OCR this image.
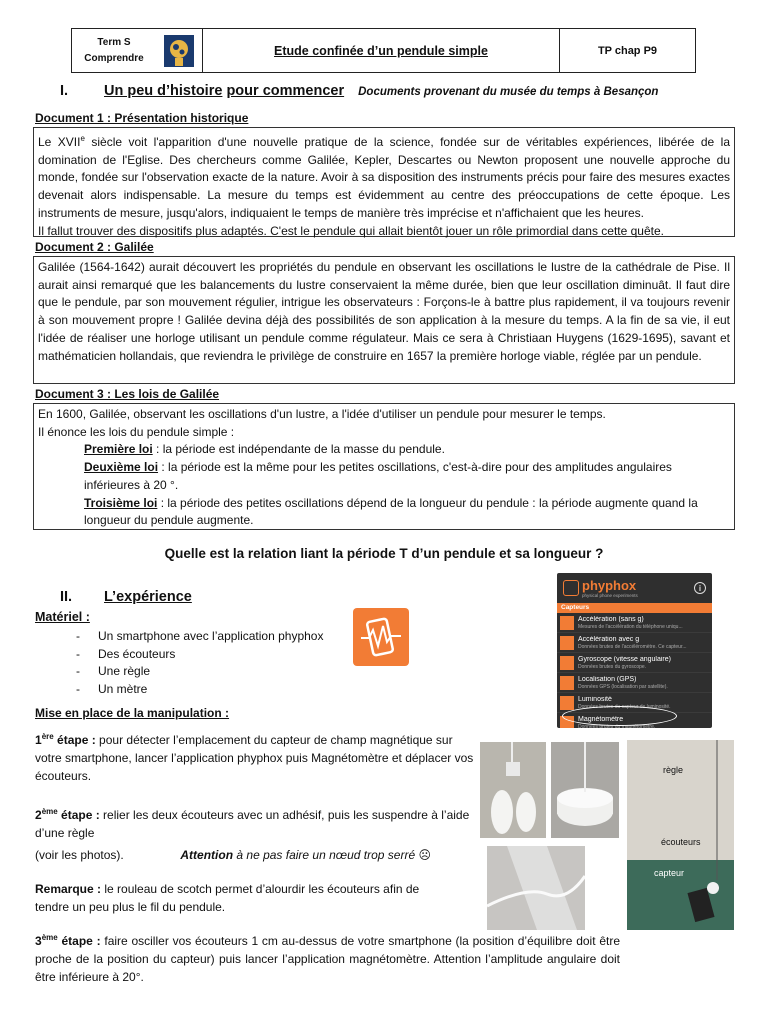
Term S
Comprendre
Etude confinée d’un pendule simple	TP chap P9
I. Un peu d’histoire pour commencer Documents provenant du musée du temps à Besançon
Document 1 : Présentation historique
Le XVIIe siècle voit l'apparition d'une nouvelle pratique de la science, fondée sur de véritables expériences, libérée de la domination de l'Eglise. Des chercheurs comme Galilée, Kepler, Descartes ou Newton proposent une nouvelle approche du monde, fondée sur l'observation exacte de la nature. Avoir à sa disposition des instruments précis pour faire des mesures exactes devenait alors indispensable. La mesure du temps est évidemment au centre des préoccupations de cette époque. Les instruments de mesure, jusqu'alors, indiquaient le temps de manière très imprécise et n'affichaient que les heures.
Il fallut trouver des dispositifs plus adaptés. C'est le pendule qui allait bientôt jouer un rôle primordial dans cette quête.
Document 2 : Galilée
Galilée (1564-1642) aurait découvert les propriétés du pendule en observant les oscillations le lustre de la cathédrale de Pise. Il aurait ainsi remarqué que les balancements du lustre conservaient la même durée, bien que leur oscillation diminuât. Il faut dire que le pendule, par son mouvement régulier, intrigue les observateurs : Forçons-le à battre plus rapidement, il va toujours revenir à son mouvement propre ! Galilée devina déjà des possibilités de son application à la mesure du temps. A la fin de sa vie, il eut l'idée de réaliser une horloge utilisant un pendule comme régulateur. Mais ce sera à Christiaan Huygens (1629-1695), savant et mathématicien hollandais, que reviendra le privilège de construire en 1657 la première horloge viable, réglée par un pendule.
Document 3 : Les lois de Galilée
En 1600, Galilée, observant les oscillations d'un lustre, a l'idée d'utiliser un pendule pour mesurer le temps.
Il énonce les lois du pendule simple :
Première loi : la période est indépendante de la masse du pendule.
Deuxième loi : la période est la même pour les petites oscillations, c'est-à-dire pour des amplitudes angulaires inférieures à 20 °.
Troisième loi : la période des petites oscillations dépend de la longueur du pendule : la période augmente quand la longueur du pendule augmente.
Quelle est la relation liant la période T d’un pendule et sa longueur ?
II. L’expérience
Matériel :
- Un smartphone avec l’application phyphox
- Des écouteurs
- Une règle
- Un mètre
phyphox
physical phone experiments
i
Capteurs
Accélération (sans g)
Mesures de l'accélération du téléphone uniqu...
Accélération avec g
Données brutes de l'accéléromètre. Ce capteur...
Gyroscope (vitesse angulaire)
Données brutes du gyroscope.
Localisation (GPS)
Données GPS (localisation par satellite).
Luminosité
Données brutes du capteur de luminosité.
Magnétomètre
Données brutes du magnétomètre.
Mise en place de la manipulation :
1ère étape : pour détecter l’emplacement du capteur de champ magnétique sur votre smartphone, lancer l’application phyphox puis Magnétomètre et déplacer vos écouteurs.
2ème étape : relier les deux écouteurs avec un adhésif, puis les suspendre à l’aide d’une règle
(voir les photos).	Attention à ne pas faire un nœud trop serré ☹
Remarque : le rouleau de scotch permet d’alourdir les écouteurs afin de tendre un peu plus le fil du pendule.
3ème étape : faire osciller vos écouteurs 1 cm au-dessus de votre smartphone (la position d’équilibre doit être proche de la position du capteur) puis lancer l’application magnétomètre. Attention l’amplitude angulaire doit être inférieure à 20°.
règle
écouteurs
capteur
